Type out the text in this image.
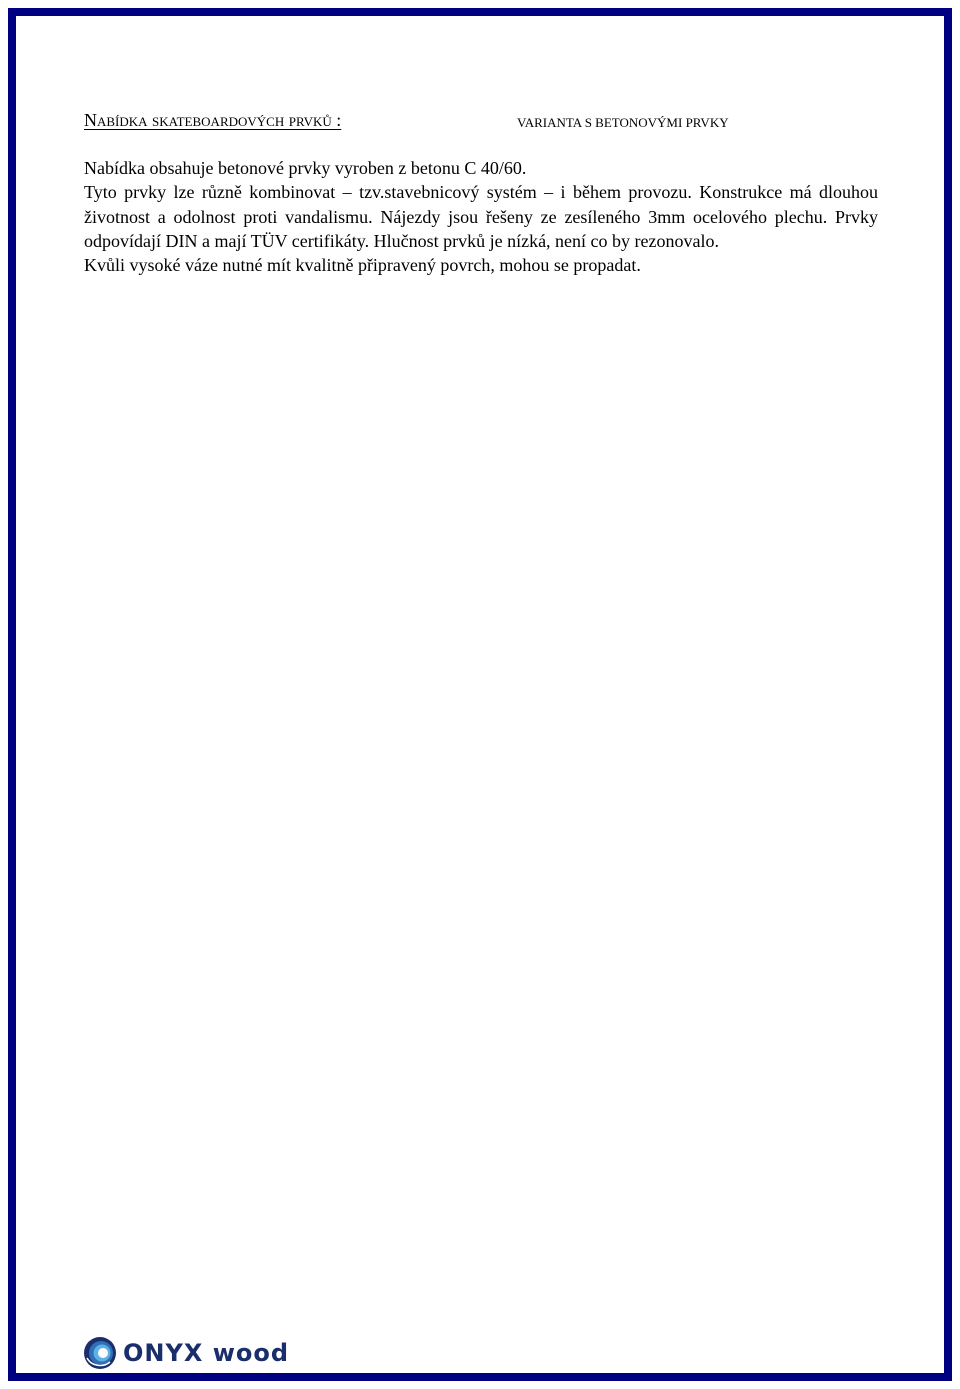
Nabídka skateboardových prvků :	VARIANTA S BETONOVÝMI PRVKY

Nabídka obsahuje betonové prvky vyroben z betonu C 40/60.

Tyto prvky lze různě kombinovat – tzv.stavebnicový systém – i během provozu. Konstrukce má dlouhou životnost a odolnost proti vandalismu. Nájezdy jsou řešeny ze zesíleného 3mm ocelového plechu. Prvky odpovídají DIN a mají TÜV certifikáty. Hlučnost prvků je nízká, není co by rezonovalo.

Kvůli vysoké váze nutné mít kvalitně připravený povrch, mohou se propadat.

ONYX wood
